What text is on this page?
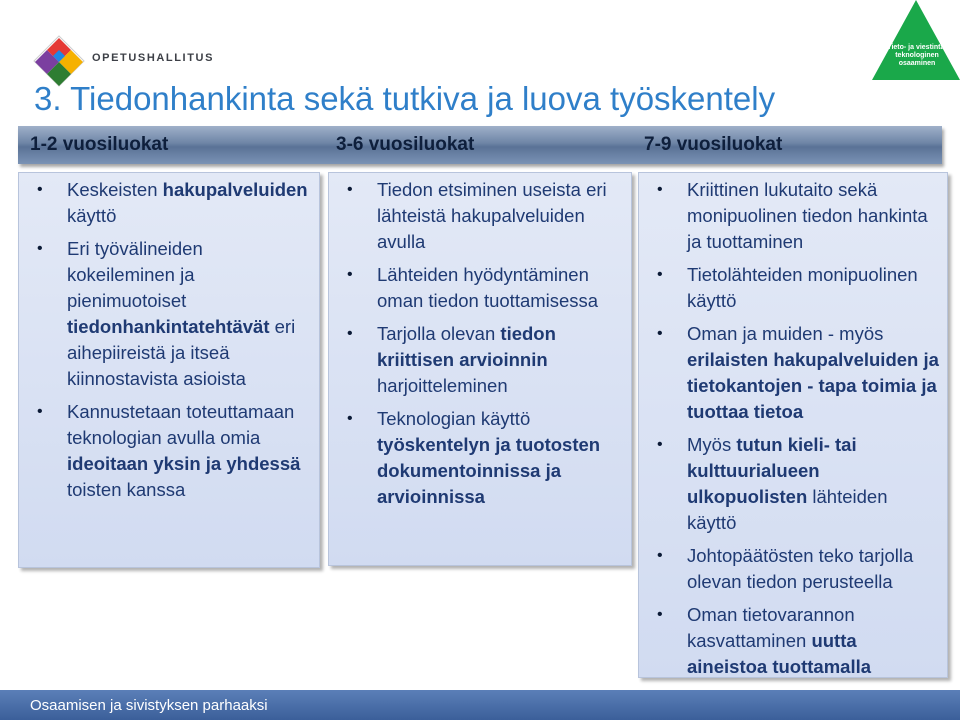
OPETUSHALLITUS
Tieto- ja viestintä-teknologinen osaaminen
3. Tiedonhankinta sekä tutkiva ja luova työskentely
1-2 vuosiluokat	3-6 vuosiluokat	7-9 vuosiluokat
• Keskeisten hakupalveluiden käyttö
• Eri työvälineiden kokeileminen ja pienimuotoiset tiedonhankintatehtävät eri aihepiireistä ja itseä kiinnostavista asioista
• Kannustetaan toteuttamaan teknologian avulla omia ideoitaan yksin ja yhdessä toisten kanssa
• Tiedon etsiminen useista eri lähteistä hakupalveluiden avulla
• Lähteiden hyödyntäminen oman tiedon tuottamisessa
• Tarjolla olevan tiedon kriittisen arvioinnin harjoitteleminen
• Teknologian käyttö työskentelyn ja tuotosten dokumentoinnissa ja arvioinnissa
• Kriittinen lukutaito sekä monipuolinen tiedon hankinta ja tuottaminen
• Tietolähteiden monipuolinen käyttö
• Oman ja muiden - myös erilaisten hakupalveluiden ja tietokantojen - tapa toimia ja tuottaa tietoa
• Myös tutun kieli- tai kulttuurialueen ulkopuolisten lähteiden käyttö
• Johtopäätösten teko tarjolla olevan tiedon perusteella
• Oman tietovarannon kasvattaminen uutta aineistoa tuottamalla
Osaamisen ja sivistyksen parhaaksi
